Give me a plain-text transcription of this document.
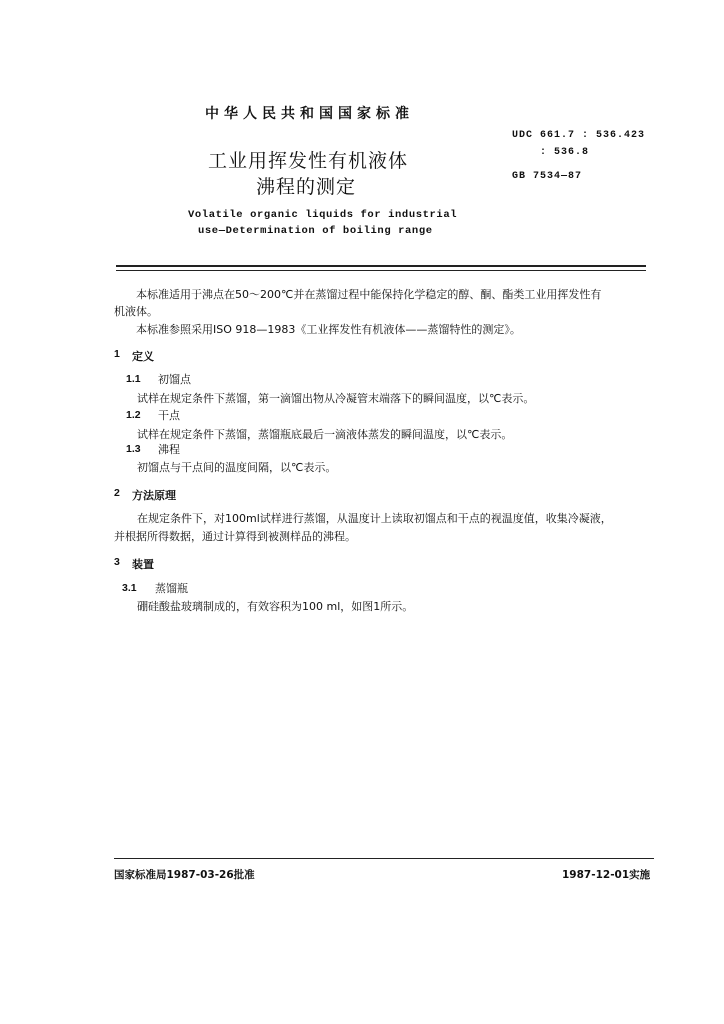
中华人民共和国国家标准
UDC 661.7 : 536.423
: 536.8
GB 7534—87
工业用挥发性有机液体
沸程的测定
Volatile organic liquids for industrial
use—Determination of boiling range
本标准适用于沸点在50～200℃并在蒸馏过程中能保持化学稳定的醇、酮、酯类工业用挥发性有
机液体。
本标准参照采用ISO 918—1983《工业挥发性有机液体——蒸馏特性的测定》。
1 定义
1.1 初馏点
试样在规定条件下蒸馏，第一滴馏出物从冷凝管末端落下的瞬间温度，以℃表示。
1.2 干点
试样在规定条件下蒸馏，蒸馏瓶底最后一滴液体蒸发的瞬间温度，以℃表示。
1.3 沸程
初馏点与干点间的温度间隔，以℃表示。
2 方法原理
在规定条件下，对100ml试样进行蒸馏，从温度计上读取初馏点和干点的视温度值，收集冷凝液，
并根据所得数据，通过计算得到被测样品的沸程。
3 装置
3.1 蒸馏瓶
硼硅酸盐玻璃制成的，有效容积为100 ml，如图1所示。
国家标准局1987-03-26批准	1987-12-01实施
